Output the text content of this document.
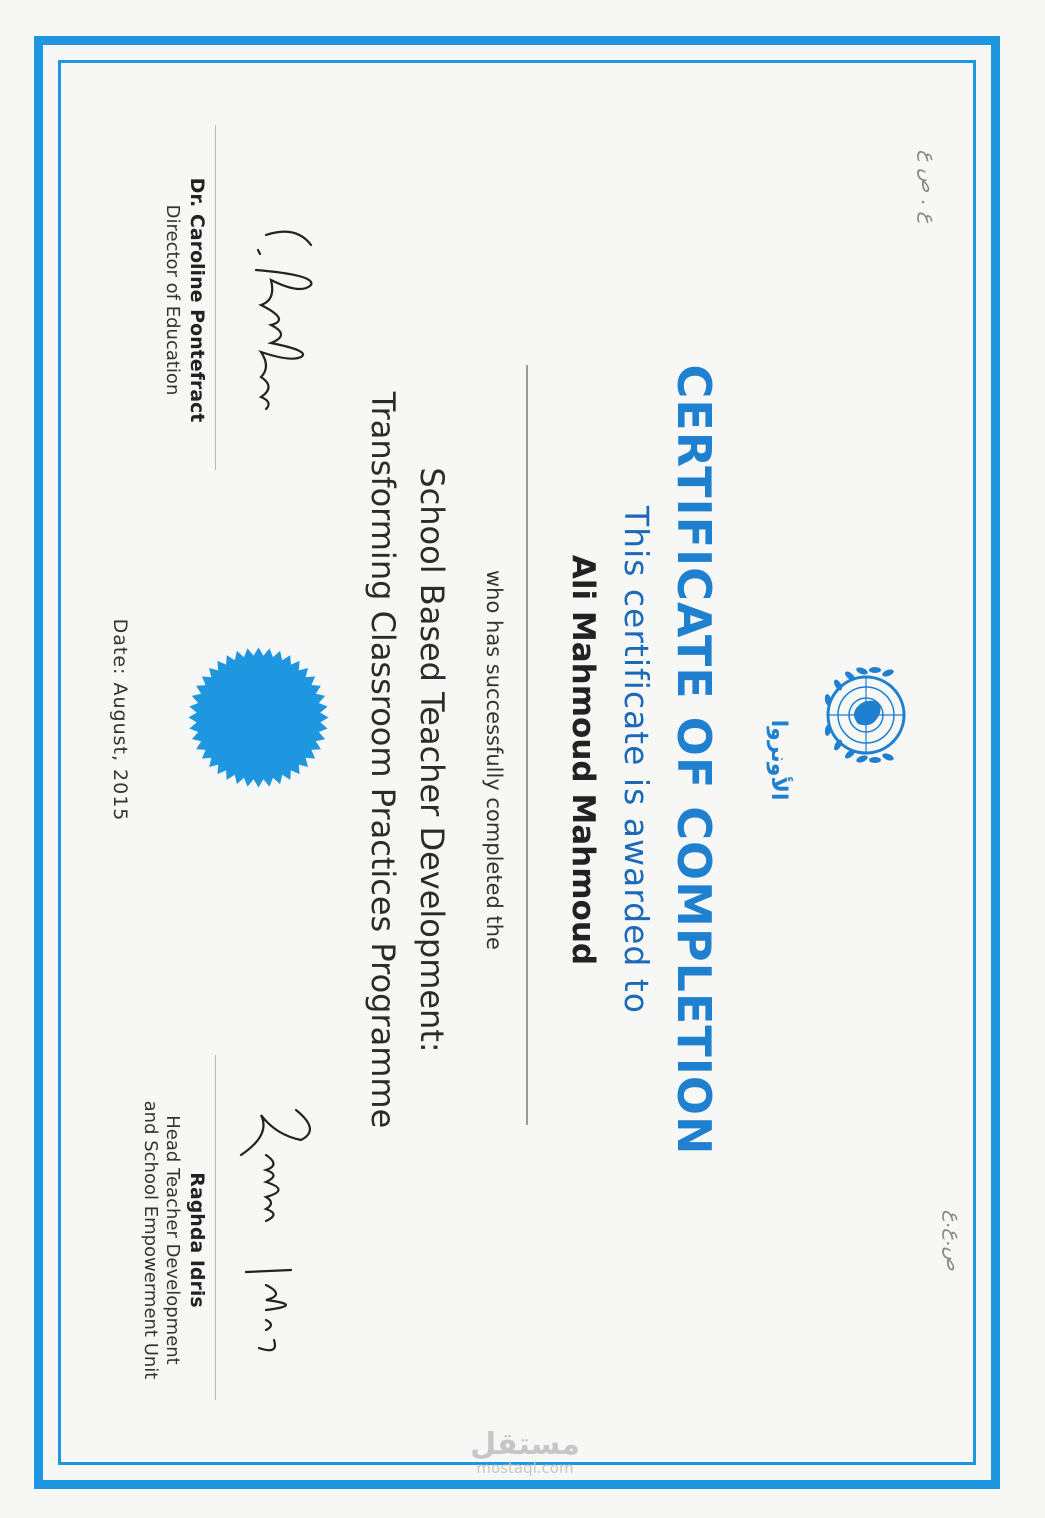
الأونروا
CERTIFICATE OF COMPLETION
This certificate is awarded to
Ali Mahmoud Mahmoud
who has successfully completed the
School Based Teacher Development:
Transforming Classroom Practices Programme
Date: August, 2015
Dr. Caroline Pontefract
Director of Education
Raghda Idris
Head Teacher Development
and School Empowerment Unit
ع . ص ع
ص.ع.ع
مستقل
mostaql.com
